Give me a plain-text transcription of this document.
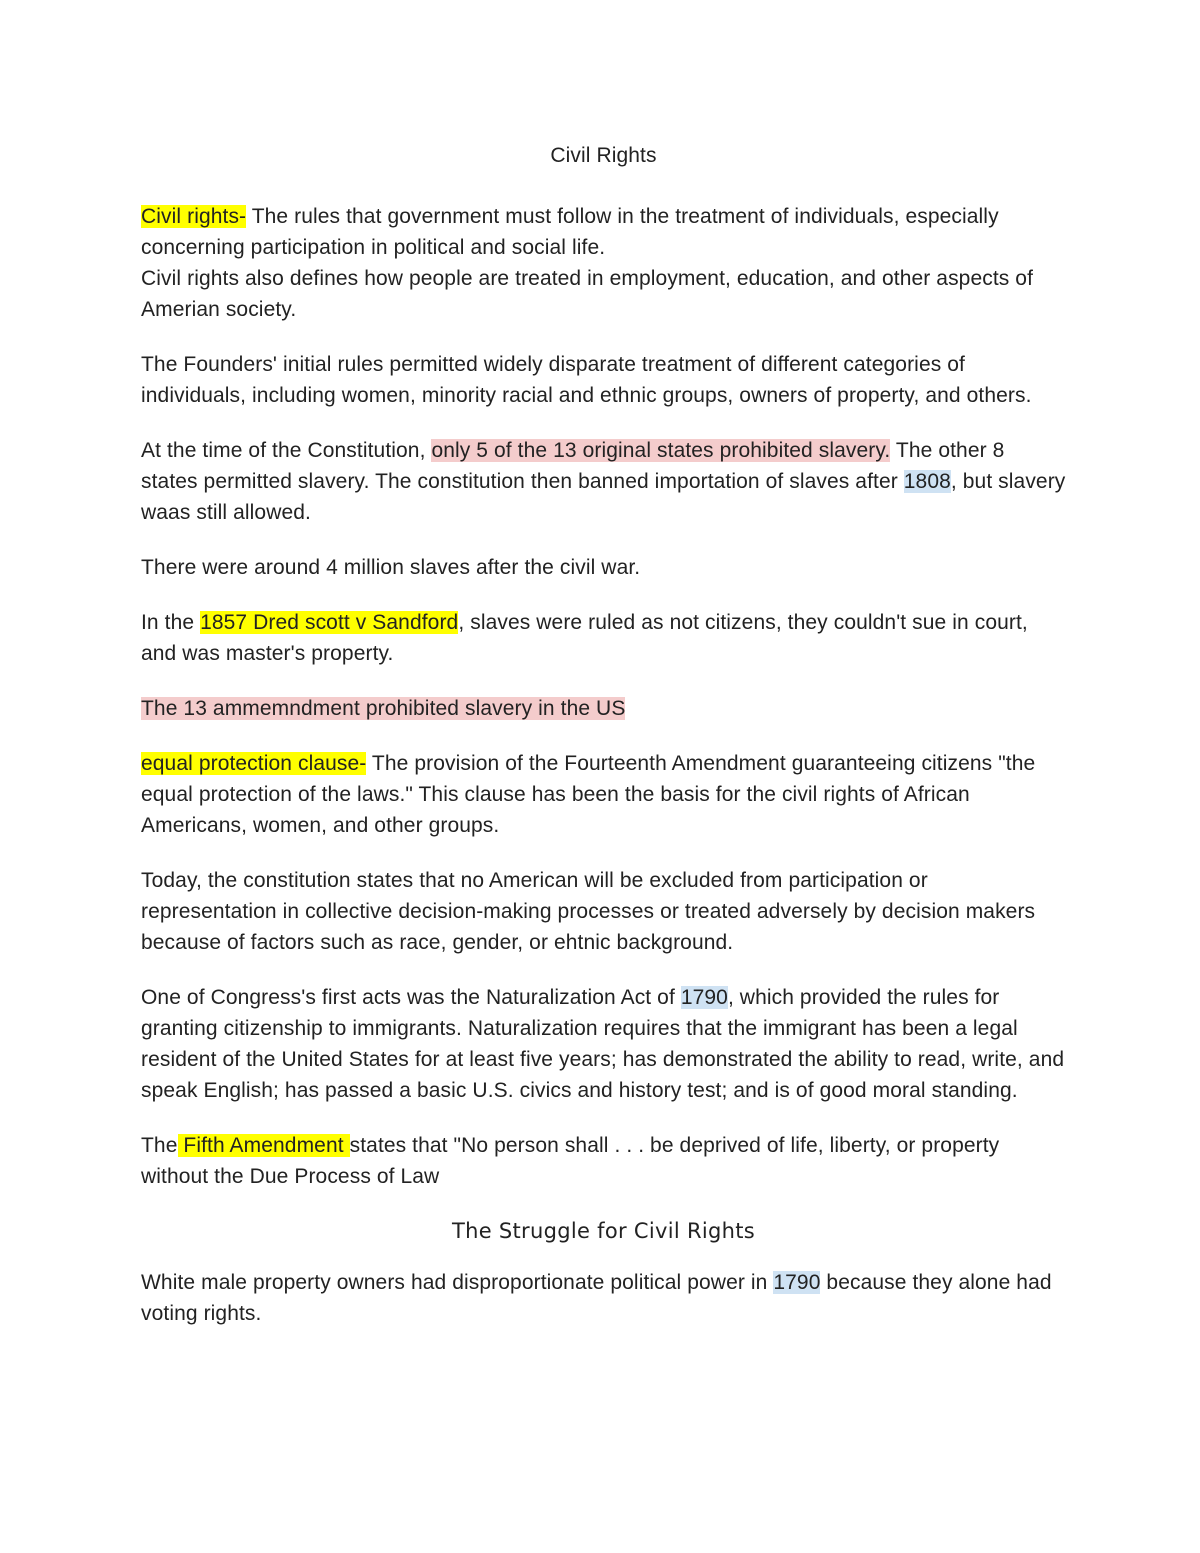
Civil Rights

Civil rights- The rules that government must follow in the treatment of individuals, especially concerning participation in political and social life.

Civil rights also defines how people are treated in employment, education, and other aspects of Amerian society.

The Founders' initial rules permitted widely disparate treatment of different categories of individuals, including women, minority racial and ethnic groups, owners of property, and others.

At the time of the Constitution, only 5 of the 13 original states prohibited slavery. The other 8 states permitted slavery. The constitution then banned importation of slaves after 1808, but slavery waas still allowed.

There were around 4 million slaves after the civil war.

In the 1857 Dred scott v Sandford, slaves were ruled as not citizens, they couldn't sue in court, and was master's property.

The 13 ammemndment prohibited slavery in the US

equal protection clause- The provision of the Fourteenth Amendment guaranteeing citizens "the equal protection of the laws." This clause has been the basis for the civil rights of African Americans, women, and other groups.

Today, the constitution states that no American will be excluded from participation or representation in collective decision-making processes or treated adversely by decision makers because of factors such as race, gender, or ehtnic background.

One of Congress's first acts was the Naturalization Act of 1790, which provided the rules for granting citizenship to immigrants. Naturalization requires that the immigrant has been a legal resident of the United States for at least five years; has demonstrated the ability to read, write, and speak English; has passed a basic U.S. civics and history test; and is of good moral standing.

The Fifth Amendment states that "No person shall . . . be deprived of life, liberty, or property without the Due Process of Law

The Struggle for Civil Rights

White male property owners had disproportionate political power in 1790 because they alone had voting rights.
